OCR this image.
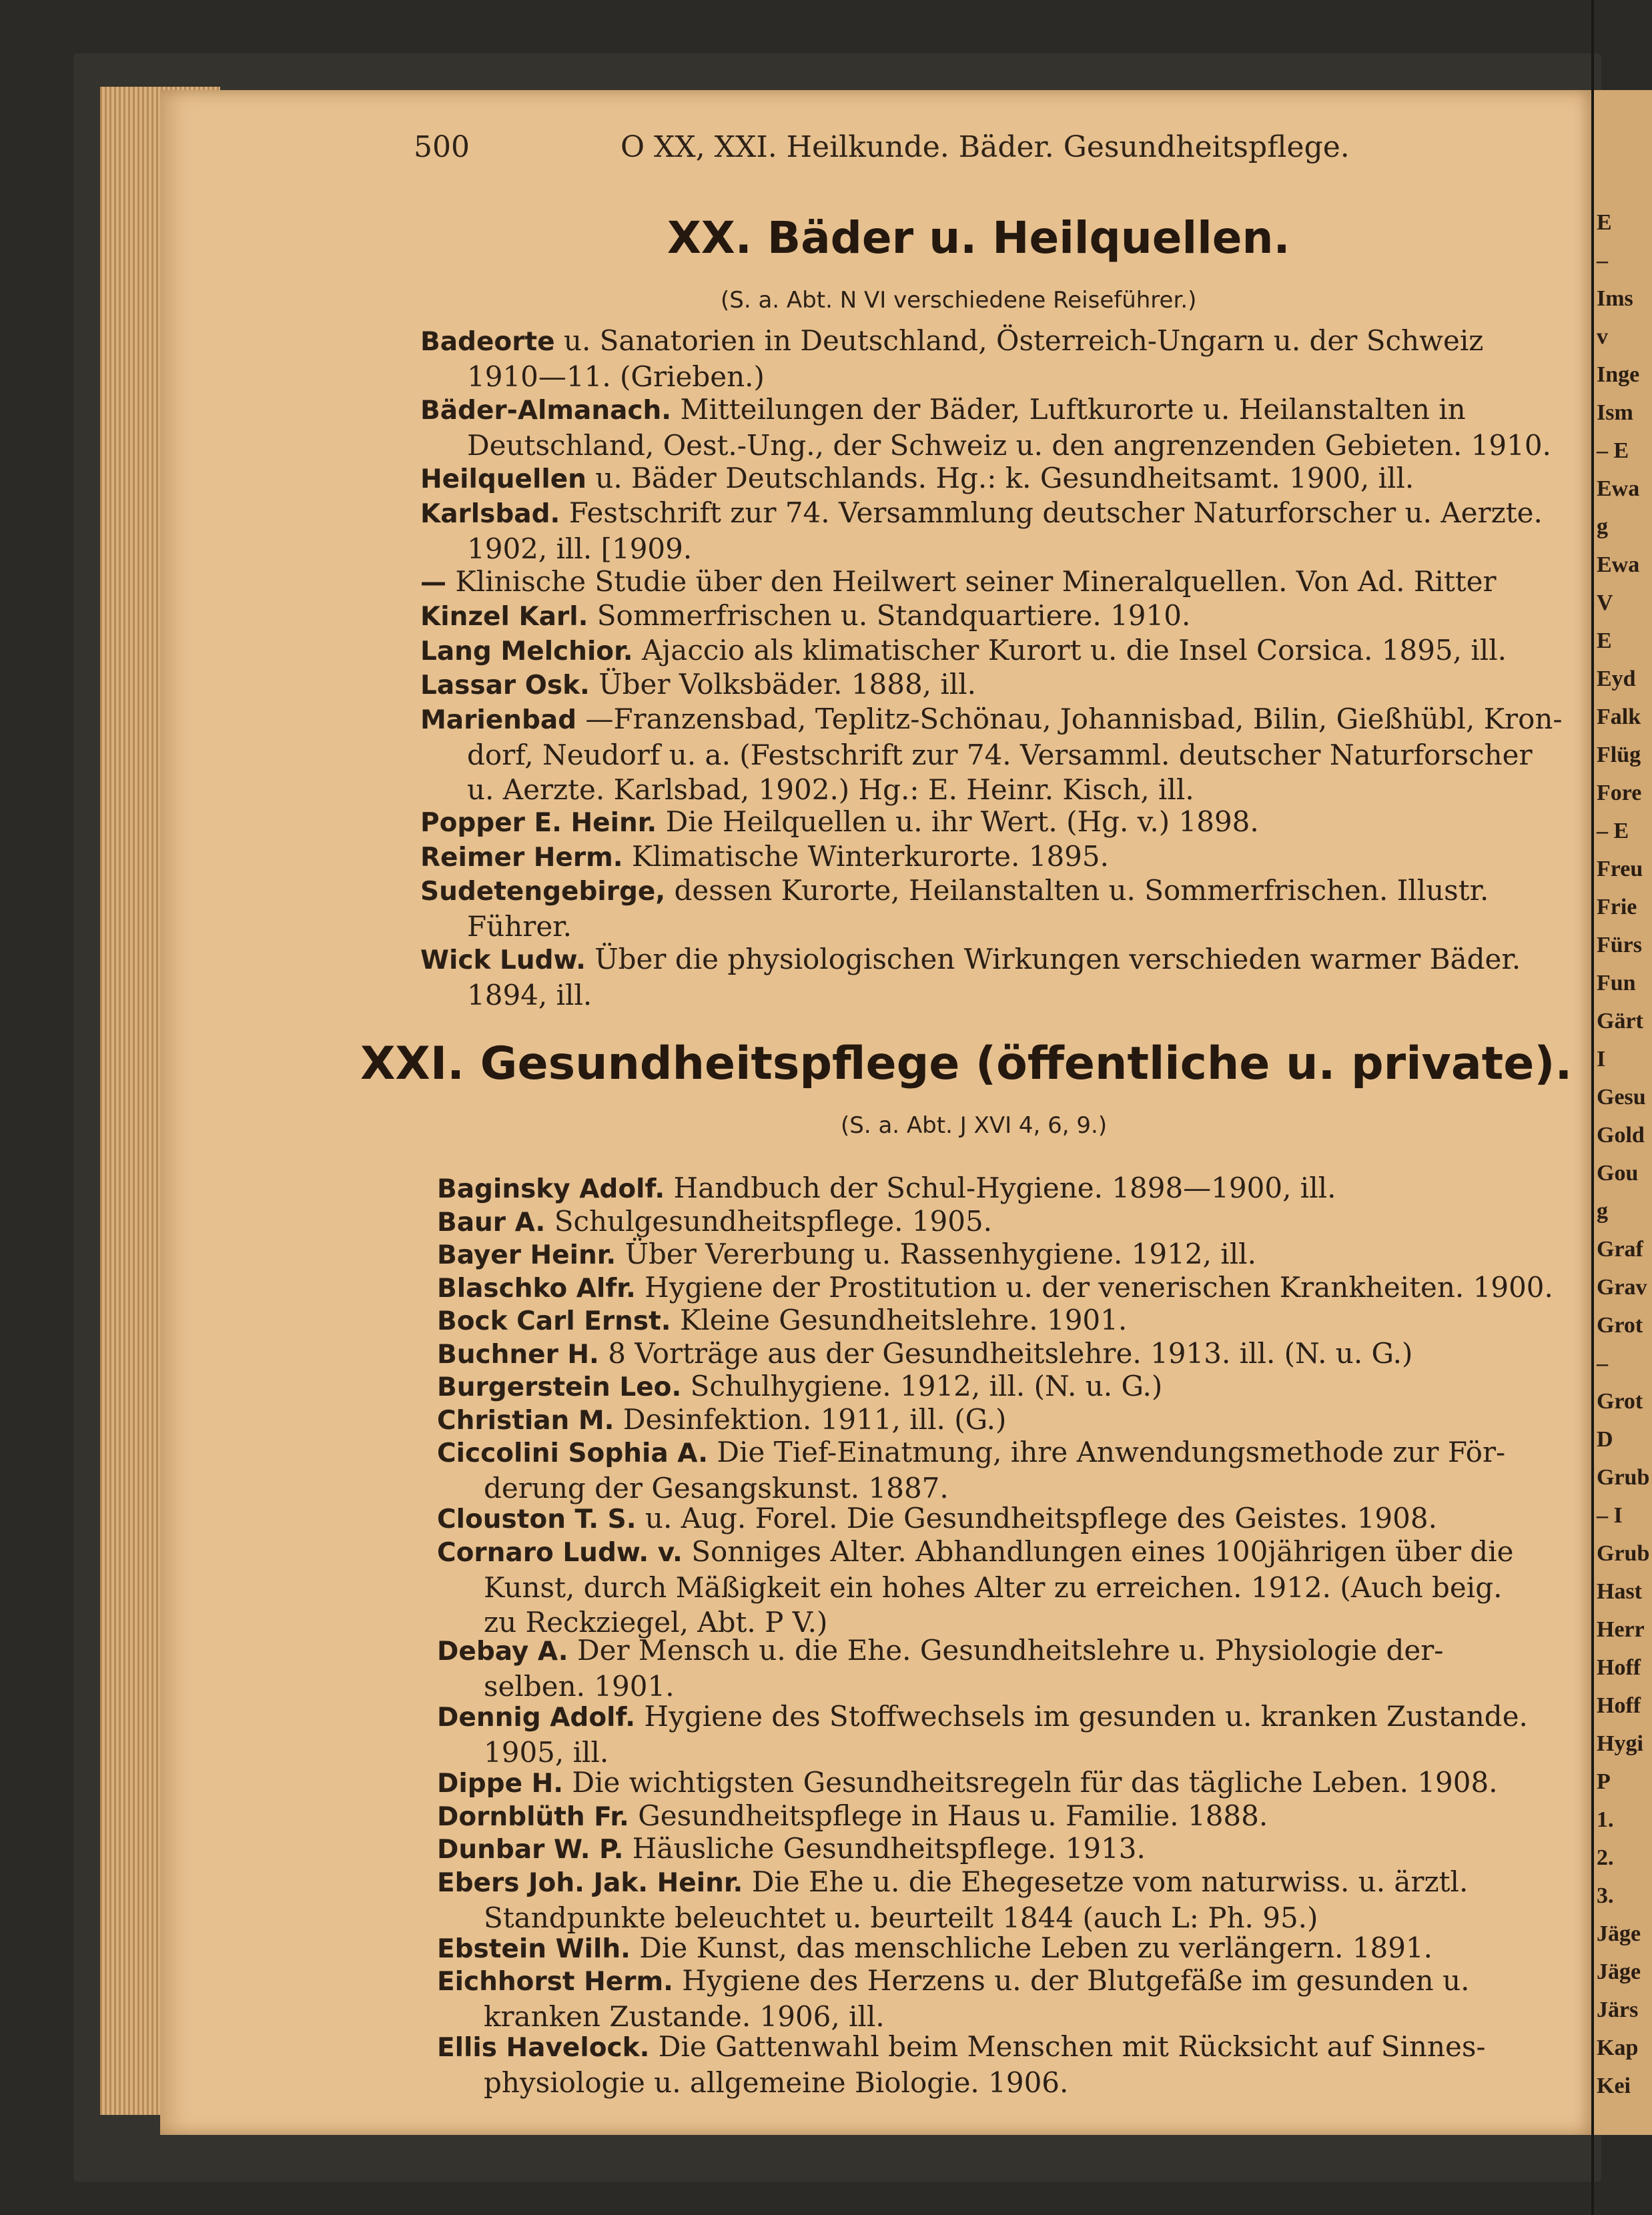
E
–
Ims
v
Inge
Ism
– E
Ewa
g
Ewa
V
E
Eyd
Falk
Flüg
Fore
– E
Freu
Frie
Fürs
Fun
Gärt
I
Gesu
Gold
Gou
g
Graf
Grav
Grot
–
Grot
D
Grub
– I
Grub
Hast
Herr
Hoff
Hoff
Hygi
P
1.
2.
3.
Jäge
Jäge
Järs
Kap
Kei
500	O XX, XXI. Heilkunde. Bäder. Gesundheitspflege.
XX. Bäder u. Heilquellen.
(S. a. Abt. N VI verschiedene Reiseführer.)
Badeorte u. Sanatorien in Deutschland, Österreich-Ungarn u. der Schweiz
1910—11. (Grieben.)
Bäder-Almanach. Mitteilungen der Bäder, Luftkurorte u. Heilanstalten in
Deutschland, Oest.-Ung., der Schweiz u. den angrenzenden Gebieten. 1910.
Heilquellen u. Bäder Deutschlands. Hg.: k. Gesundheitsamt. 1900, ill.
Karlsbad. Festschrift zur 74. Versammlung deutscher Naturforscher u. Aerzte.
1902, ill. [1909.
— Klinische Studie über den Heilwert seiner Mineralquellen. Von Ad. Ritter
Kinzel Karl. Sommerfrischen u. Standquartiere. 1910.
Lang Melchior. Ajaccio als klimatischer Kurort u. die Insel Corsica. 1895, ill.
Lassar Osk. Über Volksbäder. 1888, ill.
Marienbad —Franzensbad, Teplitz-Schönau, Johannisbad, Bilin, Gießhübl, Kron-
dorf, Neudorf u. a. (Festschrift zur 74. Versamml. deutscher Naturforscher
u. Aerzte. Karlsbad, 1902.) Hg.: E. Heinr. Kisch, ill.
Popper E. Heinr. Die Heilquellen u. ihr Wert. (Hg. v.) 1898.
Reimer Herm. Klimatische Winterkurorte. 1895.
Sudetengebirge, dessen Kurorte, Heilanstalten u. Sommerfrischen. Illustr.
Führer.
Wick Ludw. Über die physiologischen Wirkungen verschieden warmer Bäder.
1894, ill.
XXI. Gesundheitspflege (öffentliche u. private).
(S. a. Abt. J XVI 4, 6, 9.)
Baginsky Adolf. Handbuch der Schul-Hygiene. 1898—1900, ill.
Baur A. Schulgesundheitspflege. 1905.
Bayer Heinr. Über Vererbung u. Rassenhygiene. 1912, ill.
Blaschko Alfr. Hygiene der Prostitution u. der venerischen Krankheiten. 1900.
Bock Carl Ernst. Kleine Gesundheitslehre. 1901.
Buchner H. 8 Vorträge aus der Gesundheitslehre. 1913. ill. (N. u. G.)
Burgerstein Leo. Schulhygiene. 1912, ill. (N. u. G.)
Christian M. Desinfektion. 1911, ill. (G.)
Ciccolini Sophia A. Die Tief-Einatmung, ihre Anwendungsmethode zur För-
derung der Gesangskunst. 1887.
Clouston T. S. u. Aug. Forel. Die Gesundheitspflege des Geistes. 1908.
Cornaro Ludw. v. Sonniges Alter. Abhandlungen eines 100jährigen über die
Kunst, durch Mäßigkeit ein hohes Alter zu erreichen. 1912. (Auch beig.
zu Reckziegel, Abt. P V.)
Debay A. Der Mensch u. die Ehe. Gesundheitslehre u. Physiologie der-
selben. 1901.
Dennig Adolf. Hygiene des Stoffwechsels im gesunden u. kranken Zustande.
1905, ill.
Dippe H. Die wichtigsten Gesundheitsregeln für das tägliche Leben. 1908.
Dornblüth Fr. Gesundheitspflege in Haus u. Familie. 1888.
Dunbar W. P. Häusliche Gesundheitspflege. 1913.
Ebers Joh. Jak. Heinr. Die Ehe u. die Ehegesetze vom naturwiss. u. ärztl.
Standpunkte beleuchtet u. beurteilt 1844 (auch L: Ph. 95.)
Ebstein Wilh. Die Kunst, das menschliche Leben zu verlängern. 1891.
Eichhorst Herm. Hygiene des Herzens u. der Blutgefäße im gesunden u.
kranken Zustande. 1906, ill.
Ellis Havelock. Die Gattenwahl beim Menschen mit Rücksicht auf Sinnes-
physiologie u. allgemeine Biologie. 1906.
